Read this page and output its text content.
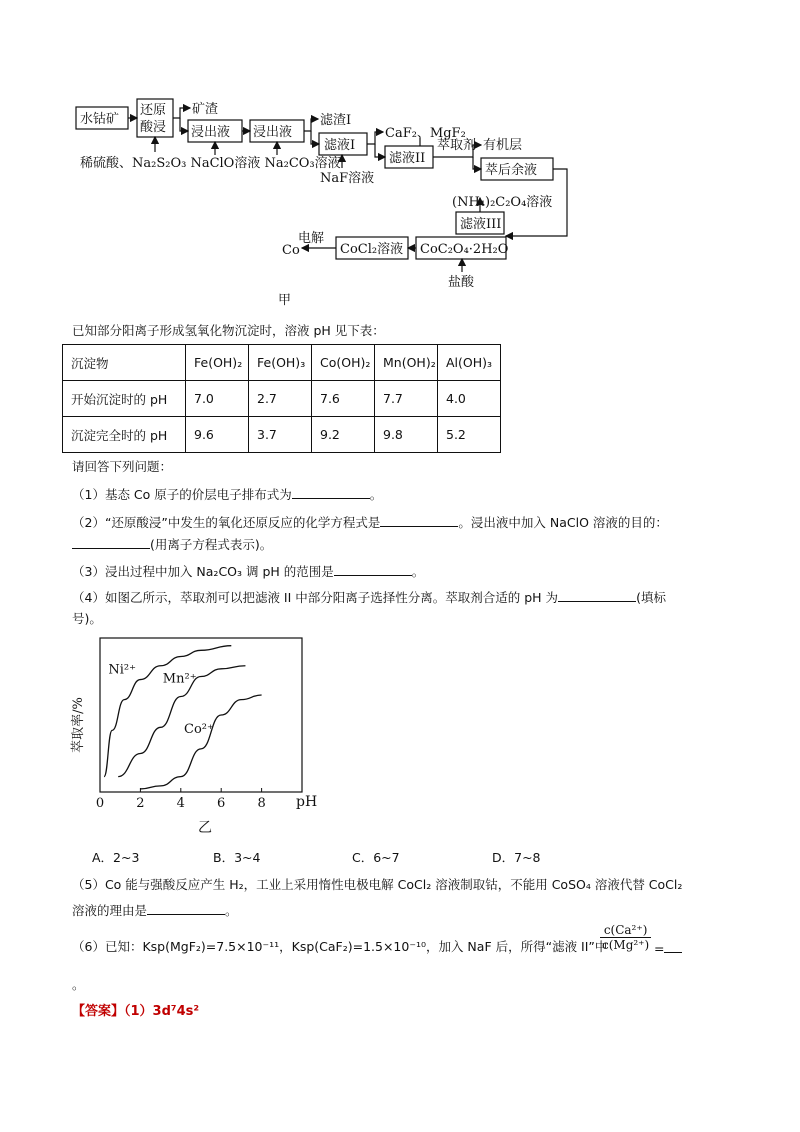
水钴矿
还原
酸浸 浸出液 浸出液
滤液I
滤液II
萃后余液
滤液III
CoC₂O₄·2H₂O
CoCl₂溶液
矿渣
滤渣I
CaF₂、MgF₂
萃取剂 有机层
(NH₄)₂C₂O₄溶液
电解
Co
盐酸
NaF溶液
稀硫酸、Na₂S₂O₃ NaClO溶液 Na₂CO₃溶液
甲
已知部分阳离子形成氢氧化物沉淀时，溶液 pH 见下表：
沉淀物	Fe(OH)₂	Fe(OH)₃	Co(OH)₂	Mn(OH)₂	Al(OH)₃
开始沉淀时的 pH	7.0	2.7	7.6	7.7	4.0
沉淀完全时的 pH	9.6	3.7	9.2	9.8	5.2
请回答下列问题：
（1）基态 Co 原子的价层电子排布式为	。
（2）“还原酸浸”中发生的氧化还原反应的化学方程式是	。浸出液中加入 NaClO 溶液的目的：
(用离子方程式表示)。
（3）浸出过程中加入 Na₂CO₃ 调 pH 的范围是	。
（4）如图乙所示，萃取剂可以把滤液 II 中部分阳离子选择性分离。萃取剂合适的 pH 为	(填标
号)。
萃取率/%
0 2 4 6 8
Ni²⁺
Mn²⁺
Co²⁺
pH
乙
A．2~3	B．3~4	C．6~7	D．7~8
（5）Co 能与强酸反应产生 H₂，工业上采用惰性电极电解 CoCl₂ 溶液制取钴，不能用 CoSO₄ 溶液代替 CoCl₂
溶液的理由是	。
（6）已知：Ksp(MgF₂)=7.5×10⁻¹¹，Ksp(CaF₂)=1.5×10⁻¹⁰，加入 NaF 后，所得“滤液 II”中
$\frac{\text{c(Ca²⁺)}}{\text{c(Mg²⁺)}}$ =
。
【答案】（1）3d⁷4s²
